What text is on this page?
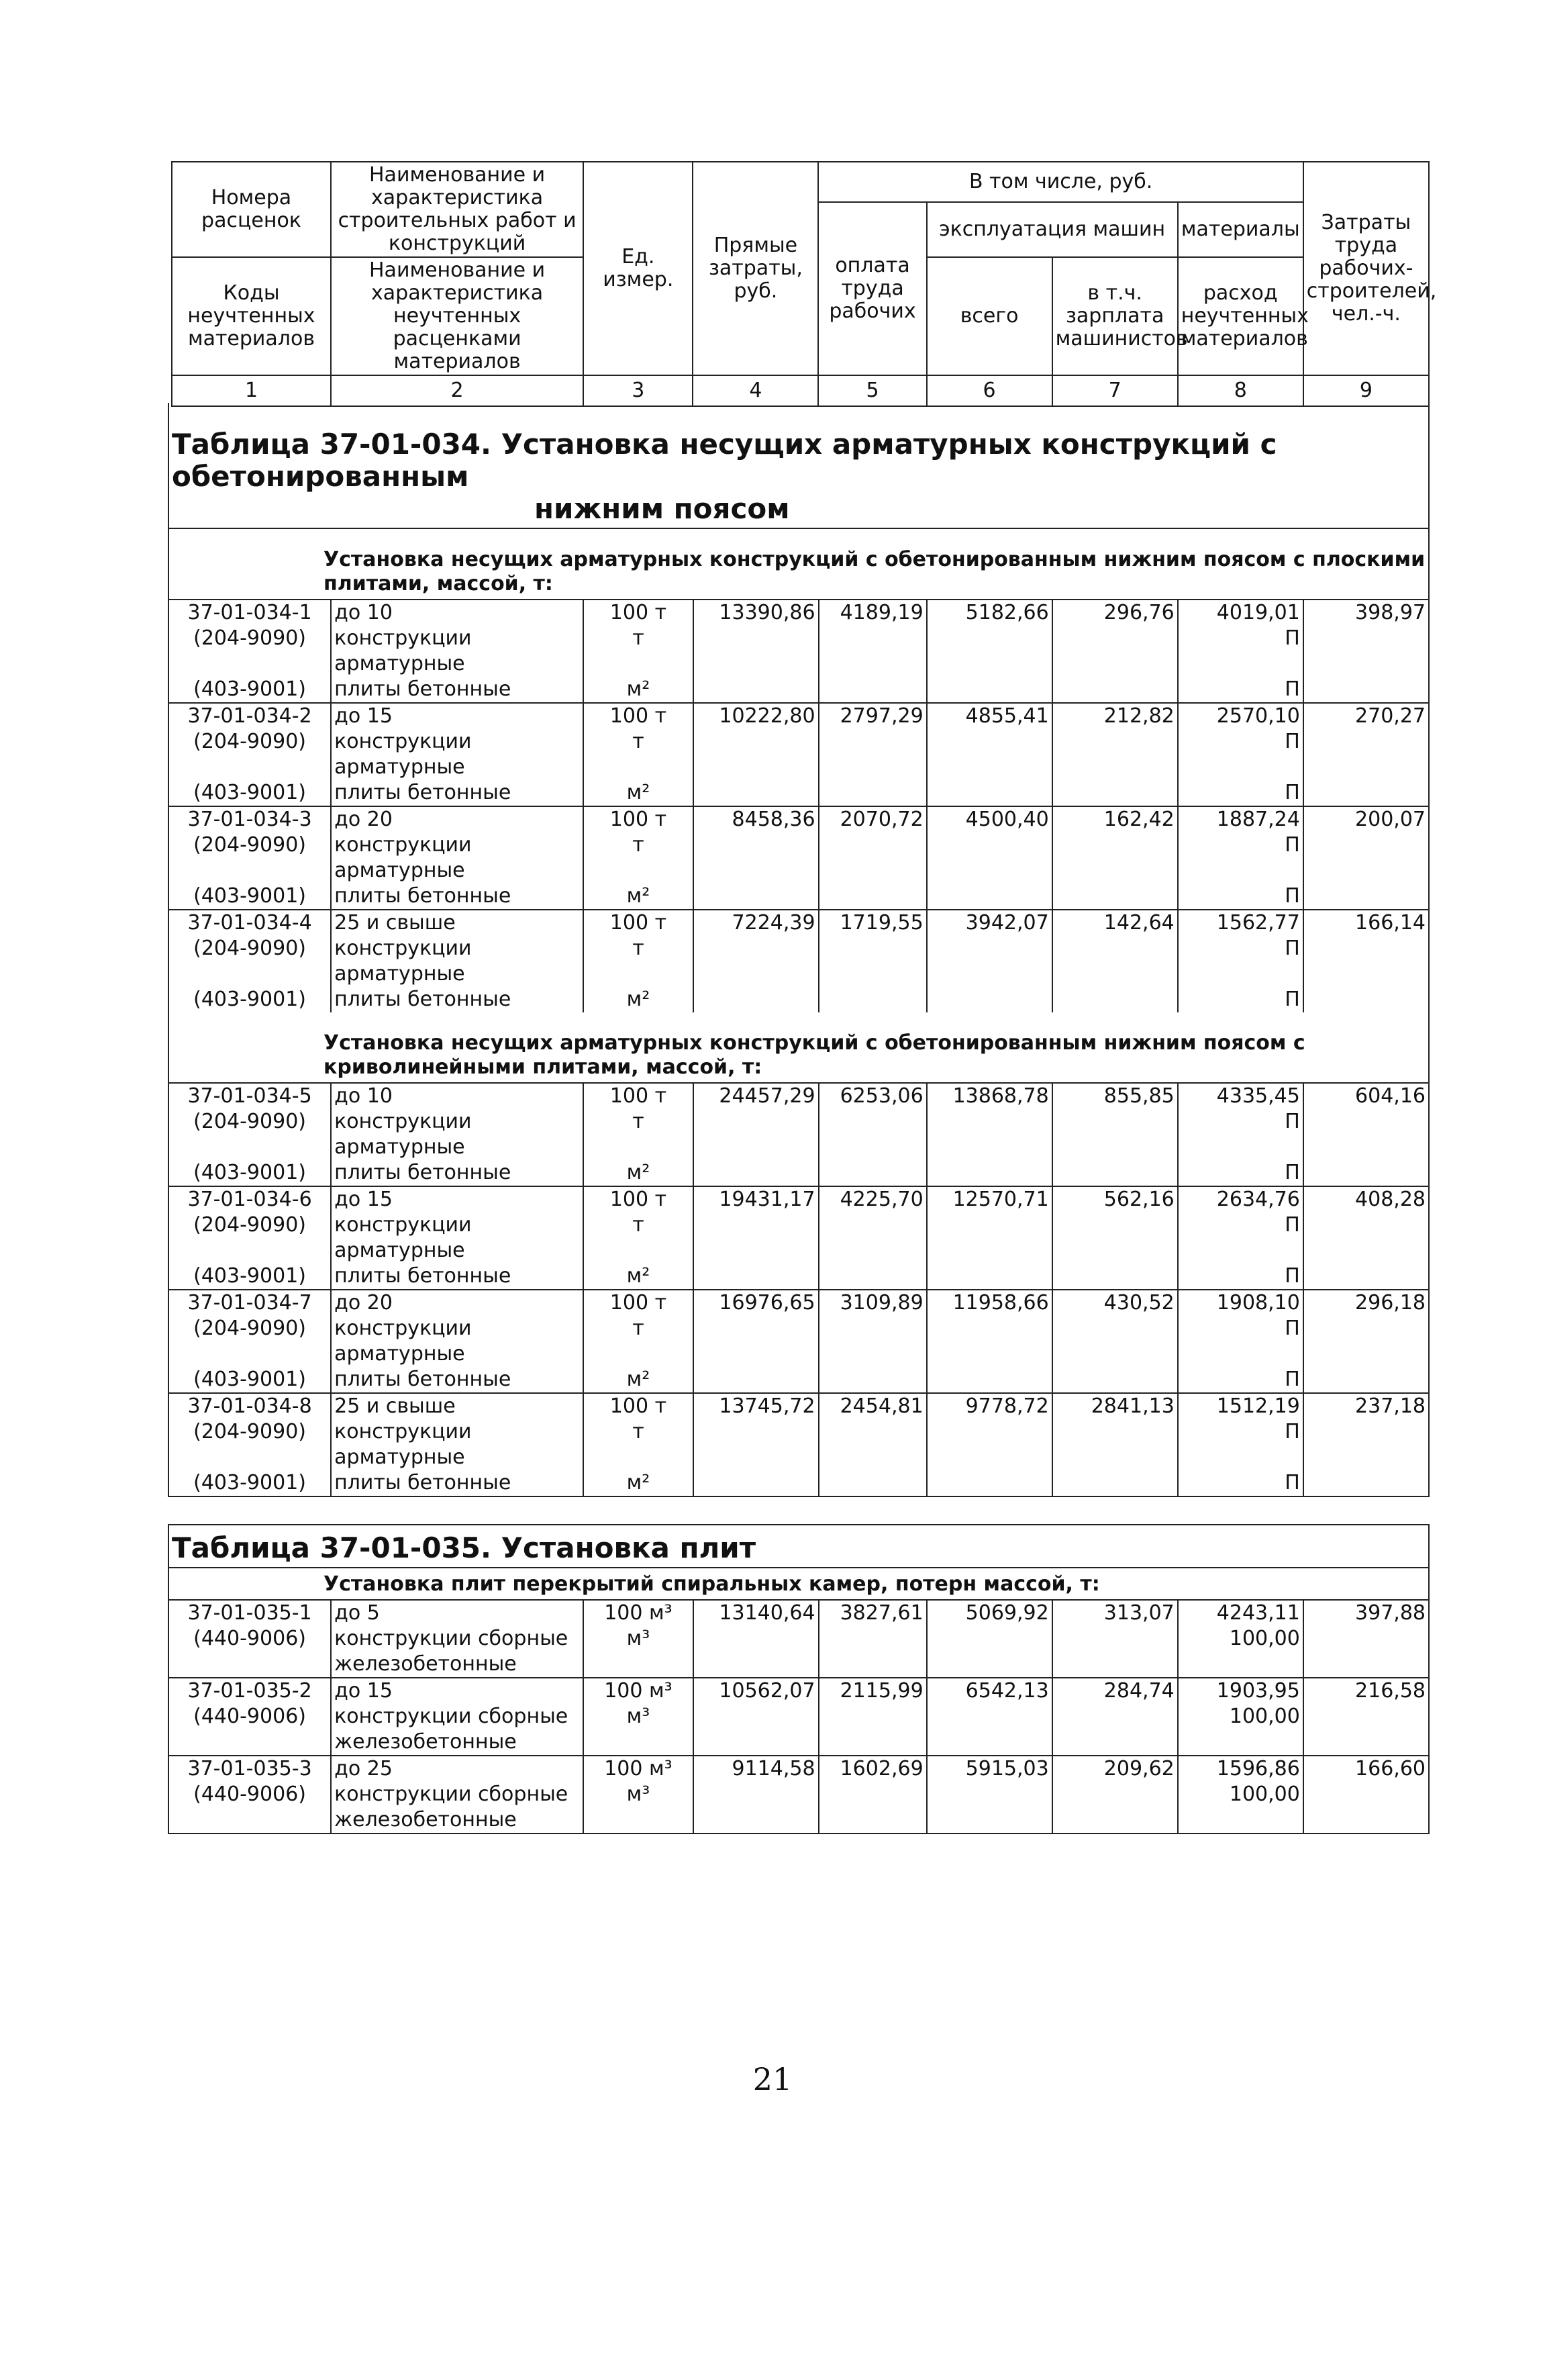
Номера расценок	Наименование и характеристика строительных работ и конструкций	Ед. измер.	Прямые затраты, руб.	В том числе, руб.				Затраты труда рабочих-строителей, чел.-ч.
				оплата труда рабочих	эксплуатация машин		материалы	
Коды неучтенных материалов	Наименование и характеристика неучтенных расценками материалов				всего	в т.ч. зарплата машинистов	расход неучтенных материалов	

1	2	3	4	5	6	7	8	9
Таблица 37-01-034. Установка несущих арматурных конструкций с обетонированным
нижним поясом
Установка несущих арматурных конструкций с обетонированным нижним поясом с плоскими плитами, массой, т:								
37-01-034-1	до 10	100 т	13390,86	4189,19	5182,66	296,76	4019,01	398,97
(204-9090)	конструкции арматурные	т					П	
(403-9001)	плиты бетонные	м²					П	
37-01-034-2	до 15	100 т	10222,80	2797,29	4855,41	212,82	2570,10	270,27
(204-9090)	конструкции арматурные	т					П	
(403-9001)	плиты бетонные	м²					П	
37-01-034-3	до 20	100 т	8458,36	2070,72	4500,40	162,42	1887,24	200,07
(204-9090)	конструкции арматурные	т					П	
(403-9001)	плиты бетонные	м²					П	
37-01-034-4	25 и свыше	100 т	7224,39	1719,55	3942,07	142,64	1562,77	166,14
(204-9090)	конструкции арматурные	т					П	
(403-9001)	плиты бетонные	м²					П	
Установка несущих арматурных конструкций с обетонированным нижним поясом с криволинейными плитами, массой, т:								
37-01-034-5	до 10	100 т	24457,29	6253,06	13868,78	855,85	4335,45	604,16
(204-9090)	конструкции арматурные	т					П	
(403-9001)	плиты бетонные	м²					П	
37-01-034-6	до 15	100 т	19431,17	4225,70	12570,71	562,16	2634,76	408,28
(204-9090)	конструкции арматурные	т					П	
(403-9001)	плиты бетонные	м²					П	
37-01-034-7	до 20	100 т	16976,65	3109,89	11958,66	430,52	1908,10	296,18
(204-9090)	конструкции арматурные	т					П	
(403-9001)	плиты бетонные	м²					П	
37-01-034-8	25 и свыше	100 т	13745,72	2454,81	9778,72	2841,13	1512,19	237,18
(204-9090)	конструкции арматурные	т					П	
(403-9001)	плиты бетонные	м²					П	
Таблица 37-01-035. Установка плит
Установка плит перекрытий спиральных камер, потерн массой, т:								
37-01-035-1	до 5	100 м³	13140,64	3827,61	5069,92	313,07	4243,11	397,88
(440-9006)	конструкции сборные железобетонные	м³					100,00	
37-01-035-2	до 15	100 м³	10562,07	2115,99	6542,13	284,74	1903,95	216,58
(440-9006)	конструкции сборные железобетонные	м³					100,00	
37-01-035-3	до 25	100 м³	9114,58	1602,69	5915,03	209,62	1596,86	166,60
(440-9006)	конструкции сборные железобетонные	м³					100,00	
21
